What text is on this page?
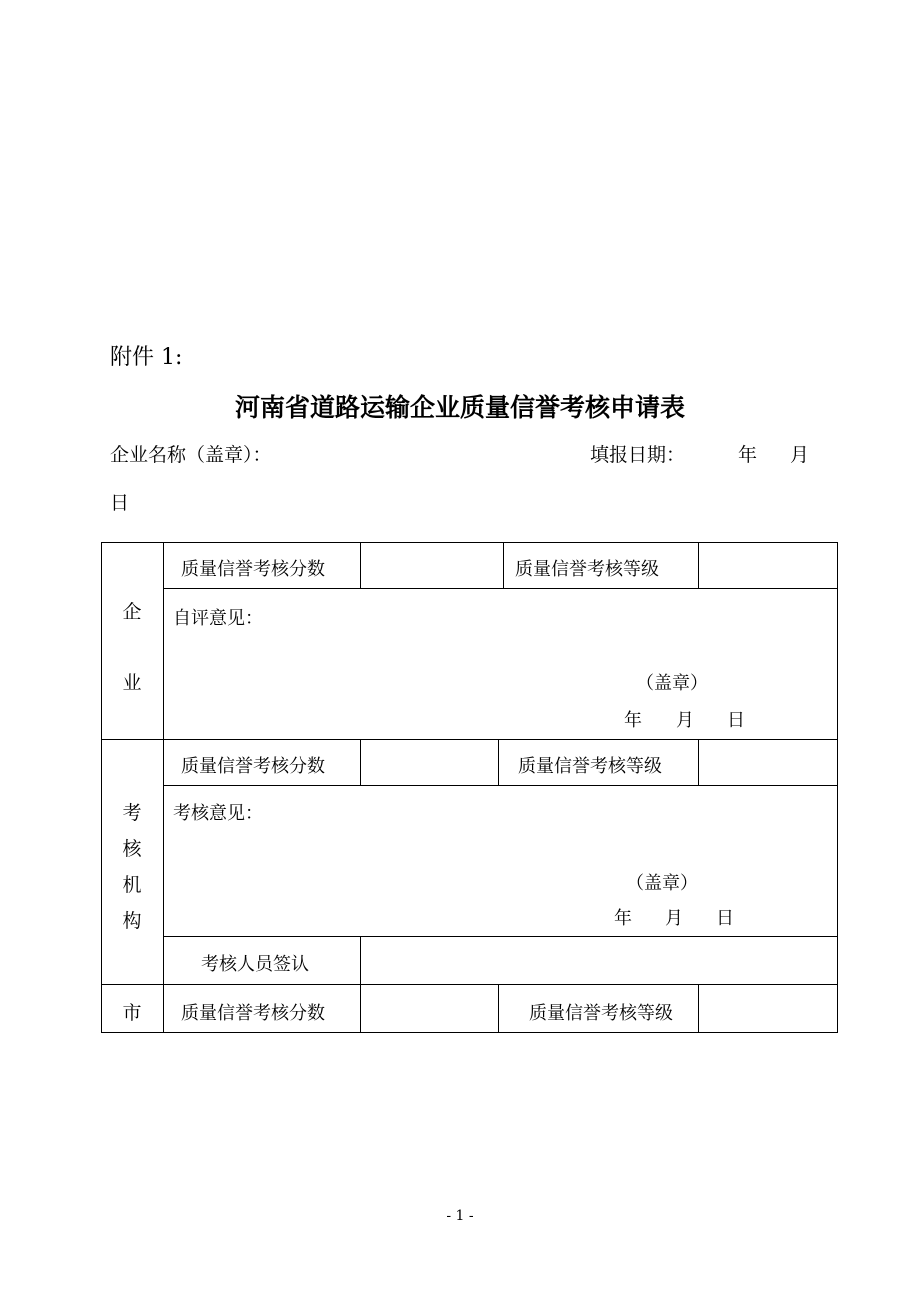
附件 1:
河南省道路运输企业质量信誉考核申请表
企业名称（盖章）：	填报日期：	年 月
日
企
业
质量信誉考核分数	质量信誉考核等级
自评意见：
（盖章）
年 月 日
考
核
机
构
质量信誉考核分数	质量信誉考核等级
考核意见：
（盖章）
年 月 日
考核人员签认
市	质量信誉考核分数	质量信誉考核等级
- 1 -
